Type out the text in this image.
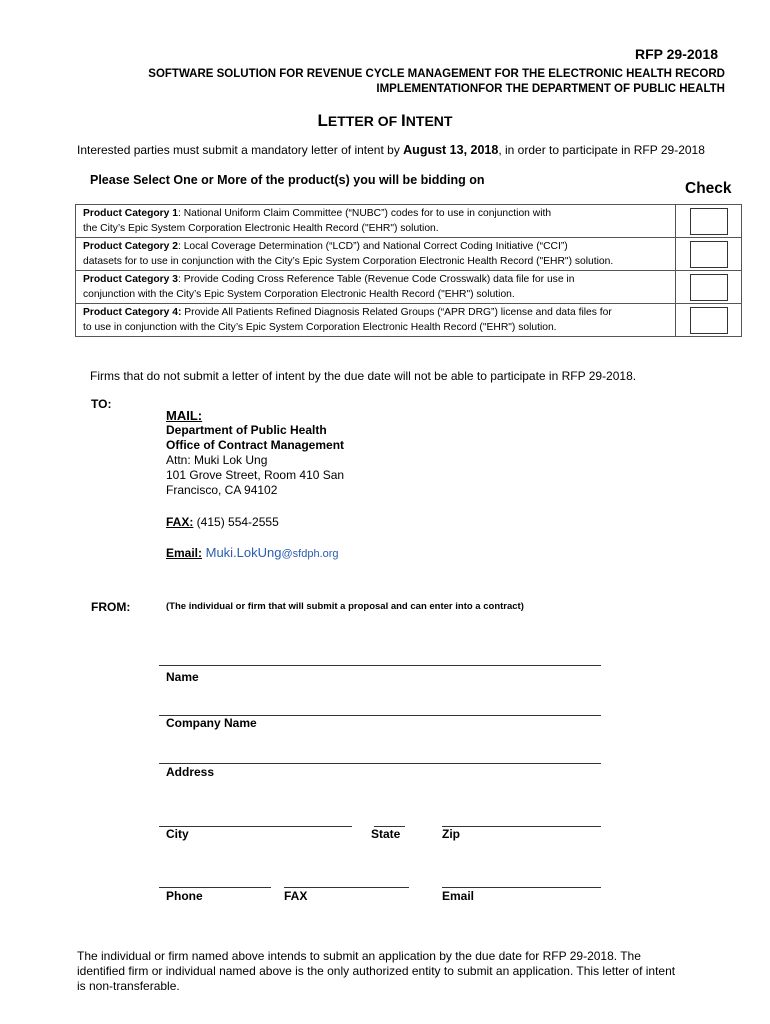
RFP 29-2018
SOFTWARE SOLUTION FOR REVENUE CYCLE MANAGEMENT FOR THE ELECTRONIC HEALTH RECORD
IMPLEMENTATIONFOR THE DEPARTMENT OF PUBLIC HEALTH
LETTER OF INTENT
Interested parties must submit a mandatory letter of intent by August 13, 2018, in order to participate in RFP 29-2018
Please Select One or More of the product(s) you will be bidding on	Check
Product Category 1: National Uniform Claim Committee (“NUBC”) codes for to use in conjunction with
the City’s Epic System Corporation Electronic Health Record ("EHR") solution.
Product Category 2: Local Coverage Determination (“LCD”) and National Correct Coding Initiative (“CCI”)
datasets for to use in conjunction with the City’s Epic System Corporation Electronic Health Record ("EHR") solution.
Product Category 3: Provide Coding Cross Reference Table (Revenue Code Crosswalk) data file for use in
conjunction with the City’s Epic System Corporation Electronic Health Record ("EHR") solution.
Product Category 4: Provide All Patients Refined Diagnosis Related Groups (“APR DRG”) license and data files for
to use in conjunction with the City’s Epic System Corporation Electronic Health Record ("EHR") solution.
Firms that do not submit a letter of intent by the due date will not be able to participate in RFP 29-2018.
TO:
MAIL:
Department of Public Health
Office of Contract Management
Attn: Muki Lok Ung
101 Grove Street, Room 410 San
Francisco, CA 94102
FAX: (415) 554-2555
Email: Muki.LokUng@sfdph.org
FROM:	(The individual or firm that will submit a proposal and can enter into a contract)
Name
Company Name
Address
City	State	Zip
Phone	FAX	Email
The individual or firm named above intends to submit an application by the due date for RFP 29-2018. The
identified firm or individual named above is the only authorized entity to submit an application. This letter of intent
is non-transferable.
